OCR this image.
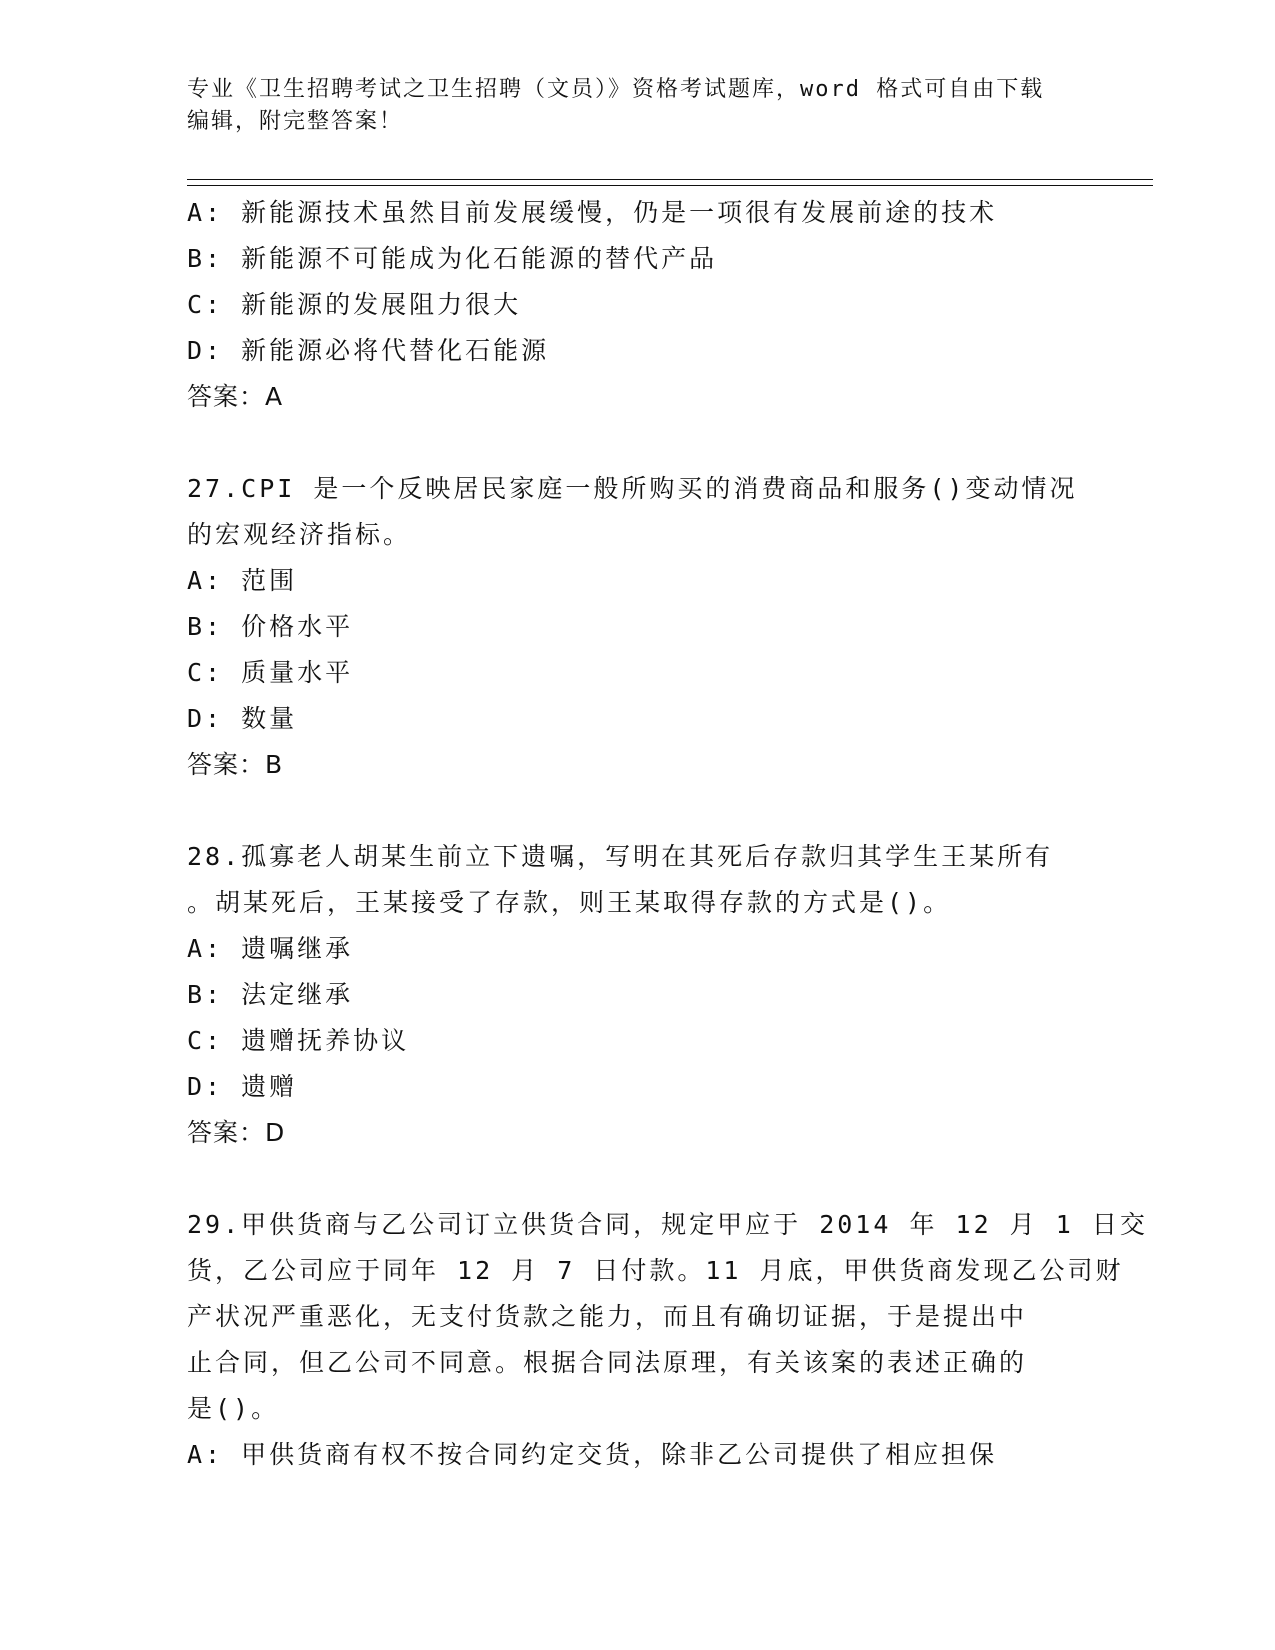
专业《卫生招聘考试之卫生招聘（文员）》资格考试题库，word 格式可自由下载
编辑，附完整答案！
A: 新能源技术虽然目前发展缓慢，仍是一项很有发展前途的技术
B: 新能源不可能成为化石能源的替代产品
C: 新能源的发展阻力很大
D: 新能源必将代替化石能源
答案：A
27.CPI 是一个反映居民家庭一般所购买的消费商品和服务()变动情况
的宏观经济指标。
A: 范围
B: 价格水平
C: 质量水平
D: 数量
答案：B
28.孤寡老人胡某生前立下遗嘱，写明在其死后存款归其学生王某所有
。胡某死后，王某接受了存款，则王某取得存款的方式是()。
A: 遗嘱继承
B: 法定继承
C: 遗赠抚养协议
D: 遗赠
答案：D
29.甲供货商与乙公司订立供货合同，规定甲应于 2014 年 12 月 1 日交
货，乙公司应于同年 12 月 7 日付款。11 月底，甲供货商发现乙公司财
产状况严重恶化，无支付货款之能力，而且有确切证据，于是提出中
止合同，但乙公司不同意。根据合同法原理，有关该案的表述正确的
是()。
A: 甲供货商有权不按合同约定交货，除非乙公司提供了相应担保
